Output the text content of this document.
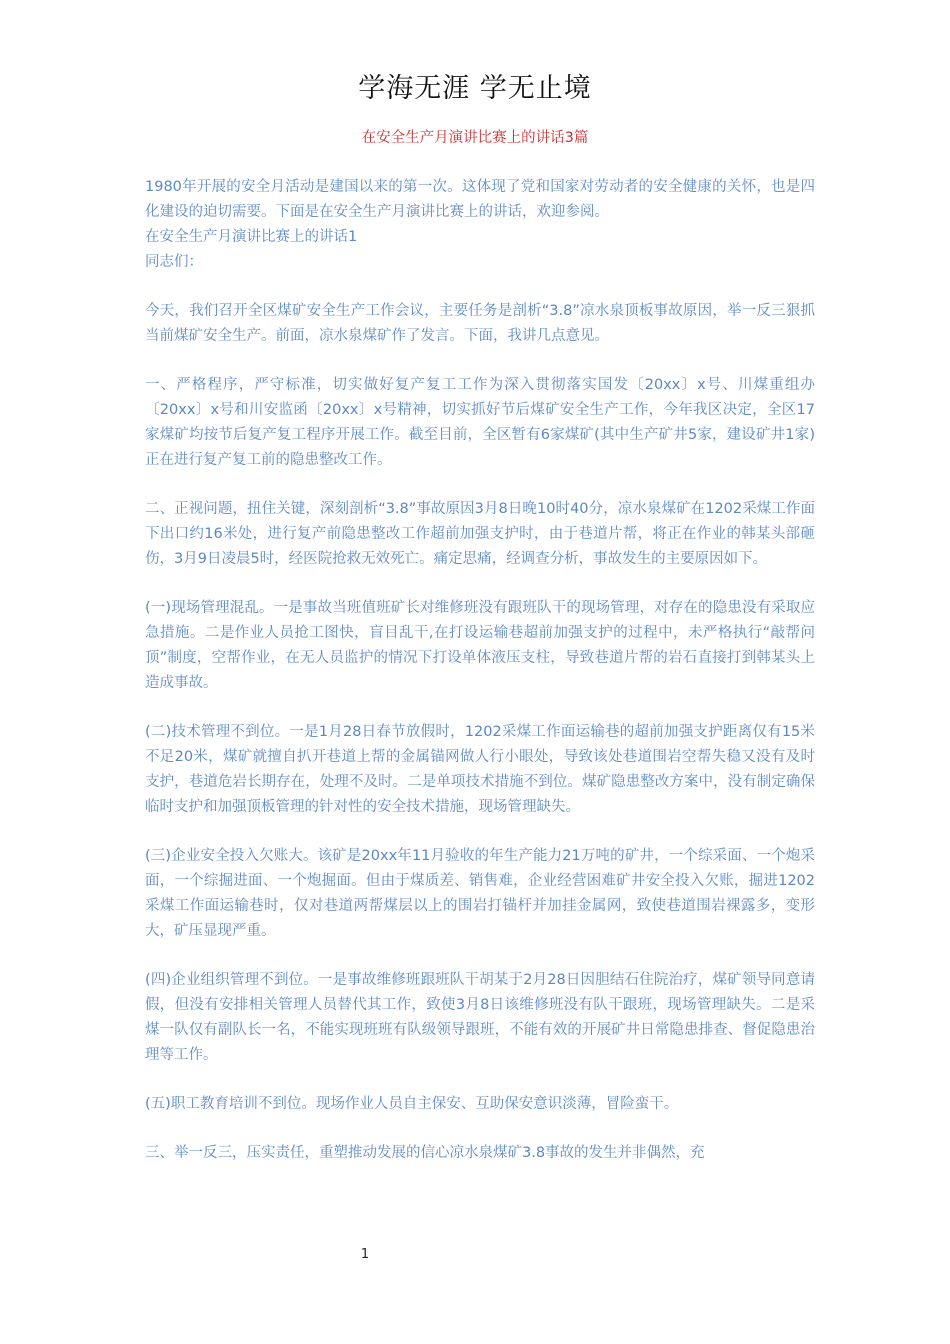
学海无涯 学无止境
在安全生产月演讲比赛上的讲话3篇

1980年开展的安全月活动是建国以来的第一次。这体现了党和国家对劳动者的安全健康的关怀，也是四化建设的迫切需要。下面是在安全生产月演讲比赛上的讲话，欢迎参阅。

在安全生产月演讲比赛上的讲话1

同志们：

今天，我们召开全区煤矿安全生产工作会议，主要任务是剖析“3.8”凉水泉顶板事故原因，举一反三狠抓当前煤矿安全生产。前面，凉水泉煤矿作了发言。下面，我讲几点意见。

一、严格程序，严守标准，切实做好复产复工工作为深入贯彻落实国发〔20xx〕x号、川煤重组办〔20xx〕x号和川安监函〔20xx〕x号精神，切实抓好节后煤矿安全生产工作，今年我区决定，全区17家煤矿均按节后复产复工程序开展工作。截至目前，全区暂有6家煤矿(其中生产矿井5家，建设矿井1家)正在进行复产复工前的隐患整改工作。

二、正视问题，扭住关键，深刻剖析“3.8”事故原因3月8日晚10时40分，凉水泉煤矿在1202采煤工作面下出口约16米处，进行复产前隐患整改工作超前加强支护时，由于巷道片帮，将正在作业的韩某头部砸伤，3月9日凌晨5时，经医院抢救无效死亡。痛定思痛，经调查分析，事故发生的主要原因如下。

(一)现场管理混乱。一是事故当班值班矿长对维修班没有跟班队干的现场管理，对存在的隐患没有采取应急措施。二是作业人员抢工图快，盲目乱干,在打设运输巷超前加强支护的过程中，未严格执行“敲帮问顶”制度，空帮作业，在无人员监护的情况下打设单体液压支柱，导致巷道片帮的岩石直接打到韩某头上造成事故。

(二)技术管理不到位。一是1月28日春节放假时，1202采煤工作面运输巷的超前加强支护距离仅有15米不足20米，煤矿就擅自扒开巷道上帮的金属锚网做人行小眼处，导致该处巷道围岩空帮失稳又没有及时支护，巷道危岩长期存在，处理不及时。二是单项技术措施不到位。煤矿隐患整改方案中，没有制定确保临时支护和加强顶板管理的针对性的安全技术措施，现场管理缺失。

(三)企业安全投入欠账大。该矿是20xx年11月验收的年生产能力21万吨的矿井，一个综采面、一个炮采面，一个综掘进面、一个炮掘面。但由于煤质差、销售难，企业经营困难矿井安全投入欠账，掘进1202采煤工作面运输巷时，仅对巷道两帮煤层以上的围岩打锚杆并加挂金属网，致使巷道围岩裸露多，变形大，矿压显现严重。

(四)企业组织管理不到位。一是事故维修班跟班队干胡某于2月28日因胆结石住院治疗，煤矿领导同意请假，但没有安排相关管理人员替代其工作，致使3月8日该维修班没有队干跟班，现场管理缺失。二是采煤一队仅有副队长一名，不能实现班班有队级领导跟班，不能有效的开展矿井日常隐患排查、督促隐患治理等工作。

(五)职工教育培训不到位。现场作业人员自主保安、互助保安意识淡薄，冒险蛮干。

三、举一反三，压实责任，重塑推动发展的信心凉水泉煤矿3.8事故的发生并非偶然，充

1
